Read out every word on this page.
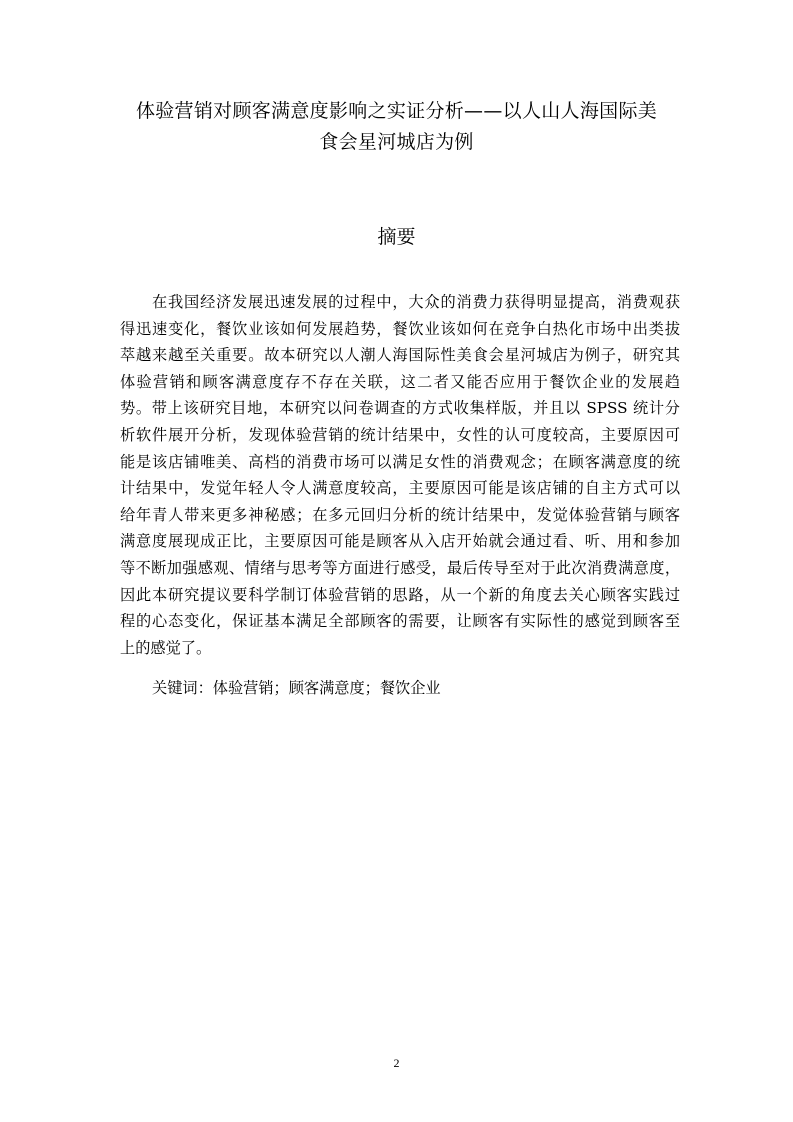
体验营销对顾客满意度影响之实证分析——以人山人海国际美
食会星河城店为例
摘要
在我国经济发展迅速发展的过程中，大众的消费力获得明显提高，消费观获
得迅速变化，餐饮业该如何发展趋势，餐饮业该如何在竞争白热化市场中出类拔
萃越来越至关重要。故本研究以人潮人海国际性美食会星河城店为例子，研究其
体验营销和顾客满意度存不存在关联，这二者又能否应用于餐饮企业的发展趋
势。带上该研究目地，本研究以问卷调查的方式收集样版，并且以 SPSS 统计分
析软件展开分析，发现体验营销的统计结果中，女性的认可度较高，主要原因可
能是该店铺唯美、高档的消费市场可以满足女性的消费观念；在顾客满意度的统
计结果中，发觉年轻人令人满意度较高，主要原因可能是该店铺的自主方式可以
给年青人带来更多神秘感；在多元回归分析的统计结果中，发觉体验营销与顾客
满意度展现成正比，主要原因可能是顾客从入店开始就会通过看、听、用和参加
等不断加强感观、情绪与思考等方面进行感受，最后传导至对于此次消费满意度，
因此本研究提议要科学制订体验营销的思路，从一个新的角度去关心顾客实践过
程的心态变化，保证基本满足全部顾客的需要，让顾客有实际性的感觉到顾客至
上的感觉了。
关键词：体验营销；顾客满意度；餐饮企业
2
